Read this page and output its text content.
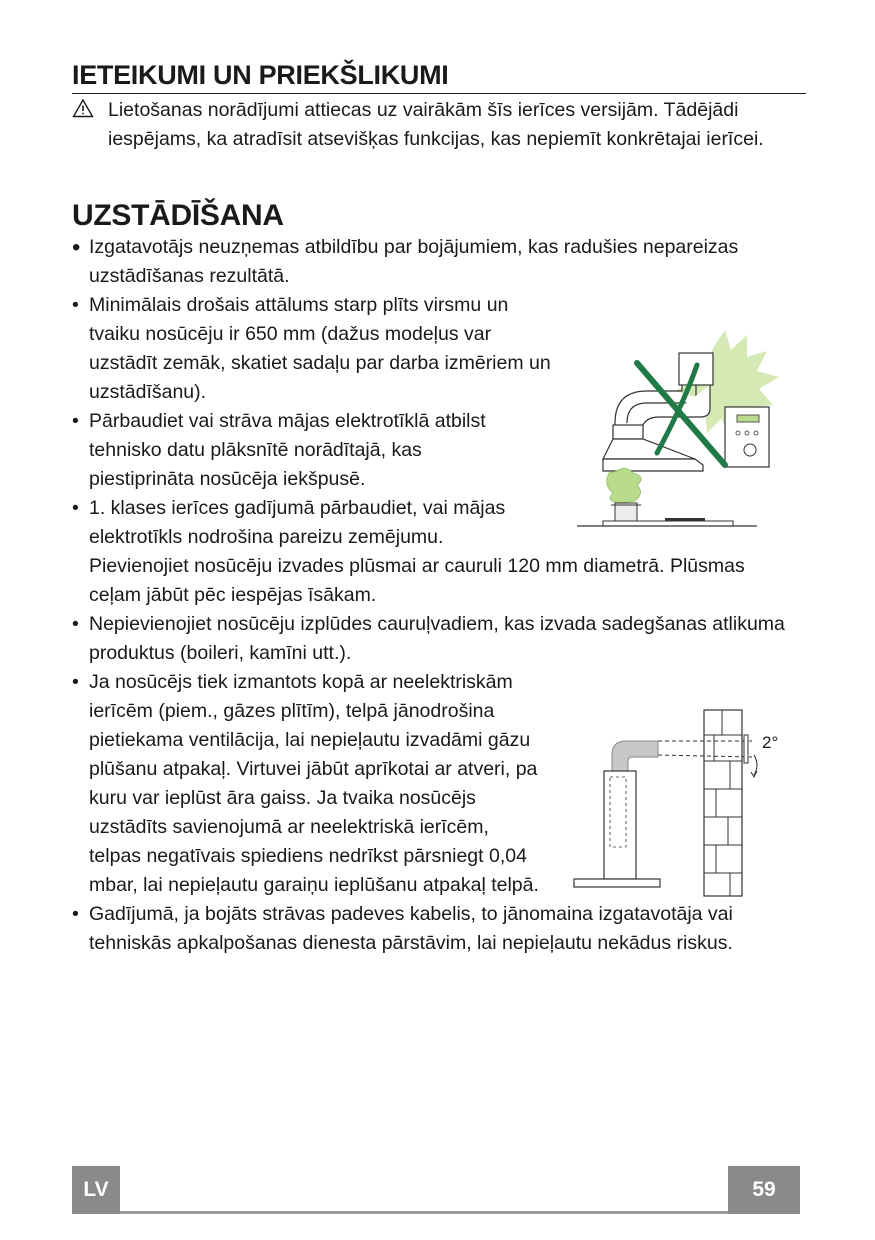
IETEIKUMI UN PRIEKŠLIKUMI
Lietošanas norādījumi attiecas uz vairākām šīs ierīces versijām. Tādējādi iespējams, ka atradīsit atsevišķas funkcijas, kas nepiemīt konkrētajai ierīcei.
UZSTĀDĪŠANA
• Izgatavotājs neuzņemas atbildību par bojājumiem, kas radušies nepareizas uzstādīšanas rezultātā.
• Minimālais drošais attālums starp plīts virsmu un tvaiku nosūcēju ir 650 mm (dažus modeļus var uzstādīt zemāk, skatiet sadaļu par darba izmēriem un uzstādīšanu).
• Pārbaudiet vai strāva mājas elektrotīklā atbilst tehnisko datu plāksnītē norādītajā, kas piestiprināta nosūcēja iekšpusē.
• 1. klases ierīces gadījumā pārbaudiet, vai mājas elektrotīkls nodrošina pareizu zemējumu.
Pievienojiet nosūcēju izvades plūsmai ar cauruli 120 mm diametrā. Plūsmas ceļam jābūt pēc iespējas īsākam.
• Nepievienojiet nosūcēju izplūdes cauruļvadiem, kas izvada sadegšanas atlikuma produktus (boileri, kamīni utt.).
• Ja nosūcējs tiek izmantots kopā ar neelektriskām ierīcēm (piem., gāzes plītīm), telpā jānodrošina pietiekama ventilācija, lai nepieļautu izvadāmi gāzu plūšanu atpakaļ. Virtuvei jābūt aprīkotai ar atveri, pa kuru var ieplūst āra gaiss. Ja tvaika nosūcējs uzstādīts savienojumā ar neelektriskā ierīcēm, telpas negatīvais spiediens nedrīkst pārsniegt 0,04 mbar, lai nepieļautu garaiņu ieplūšanu atpakaļ telpā.
• Gadījumā, ja bojāts strāvas padeves kabelis, to jānomaina izgatavotāja vai tehniskās apkalpošanas dienesta pārstāvim, lai nepieļautu nekādus riskus.
2°
LV	59
